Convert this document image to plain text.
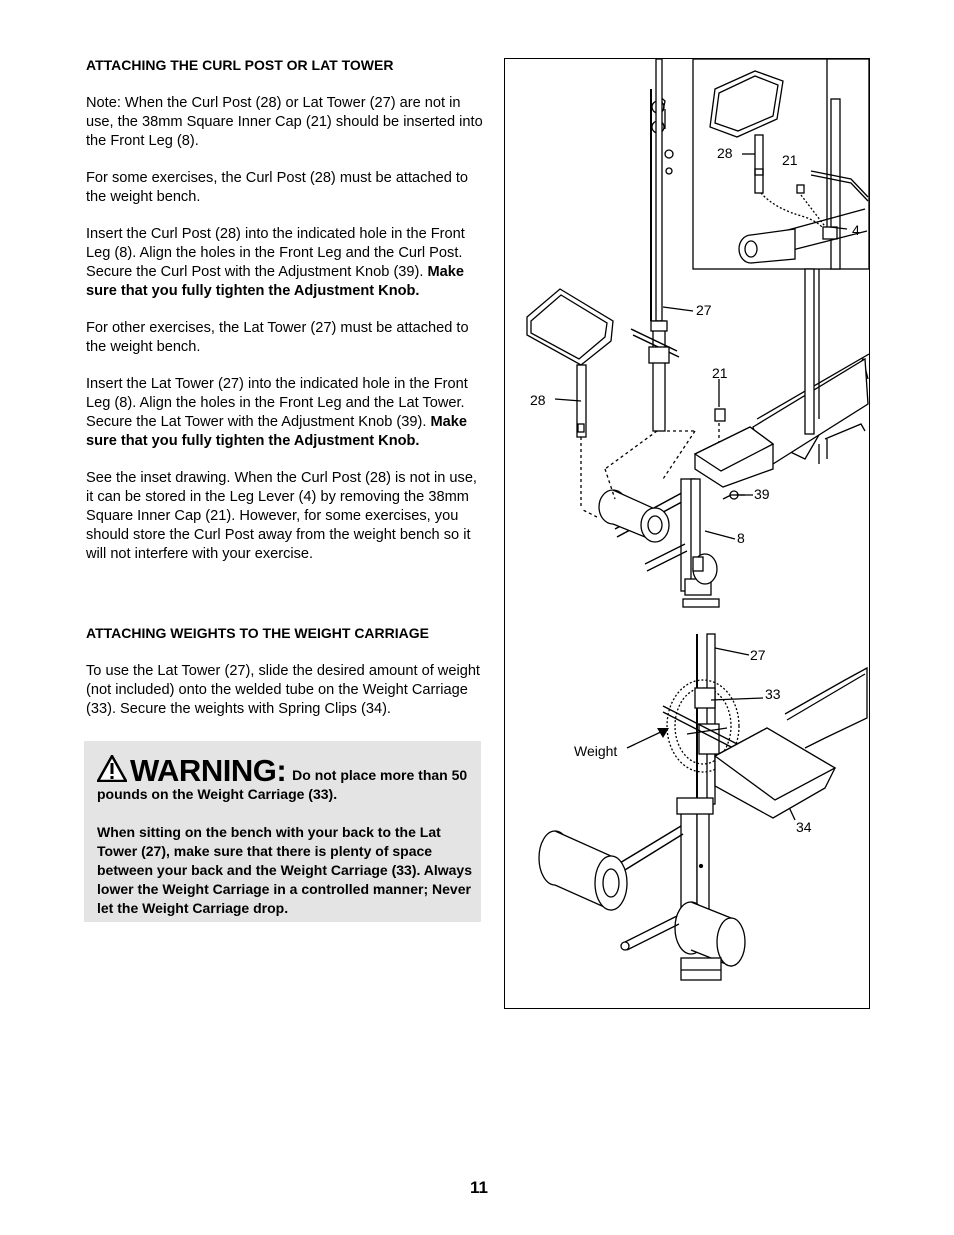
ATTACHING THE CURL POST OR LAT TOWER

Note: When the Curl Post (28) or Lat Tower (27) are not in use, the 38mm Square Inner Cap (21) should be inserted into the Front Leg (8).

For some exercises, the Curl Post (28) must be attached to the weight bench.

Insert the Curl Post (28) into the indicated hole in the Front Leg (8). Align the holes in the Front Leg and the Curl Post. Secure the Curl Post with the Adjustment Knob (39). Make sure that you fully tighten the Adjustment Knob.

For other exercises, the Lat Tower (27) must be attached to the weight bench.

Insert the Lat Tower (27) into the indicated hole in the Front Leg (8). Align the holes in the Front Leg and the Lat Tower. Secure the Lat Tower with the Adjustment Knob (39). Make sure that you fully tighten the Adjustment Knob.

See the inset drawing. When the Curl Post (28) is not in use, it can be stored in the Leg Lever (4) by removing the 38mm Square Inner Cap (21). However, for some exercises, you should store the Curl Post away from the weight bench so it will not interfere with your exercise.

ATTACHING WEIGHTS TO THE WEIGHT CARRIAGE

To use the Lat Tower (27), slide the desired amount of weight (not included) onto the welded tube on the Weight Carriage (33). Secure the weights with Spring Clips (34).

WARNING: Do not place more than 50 pounds on the Weight Carriage (33).

When sitting on the bench with your back to the Lat Tower (27), make sure that there is plenty of space between your back and the Weight Carriage (33). Always lower the Weight Carriage in a controlled manner; Never let the Weight Carriage drop.

28	21
4
27
21
28
39
8
27
33
Weight
34
11
